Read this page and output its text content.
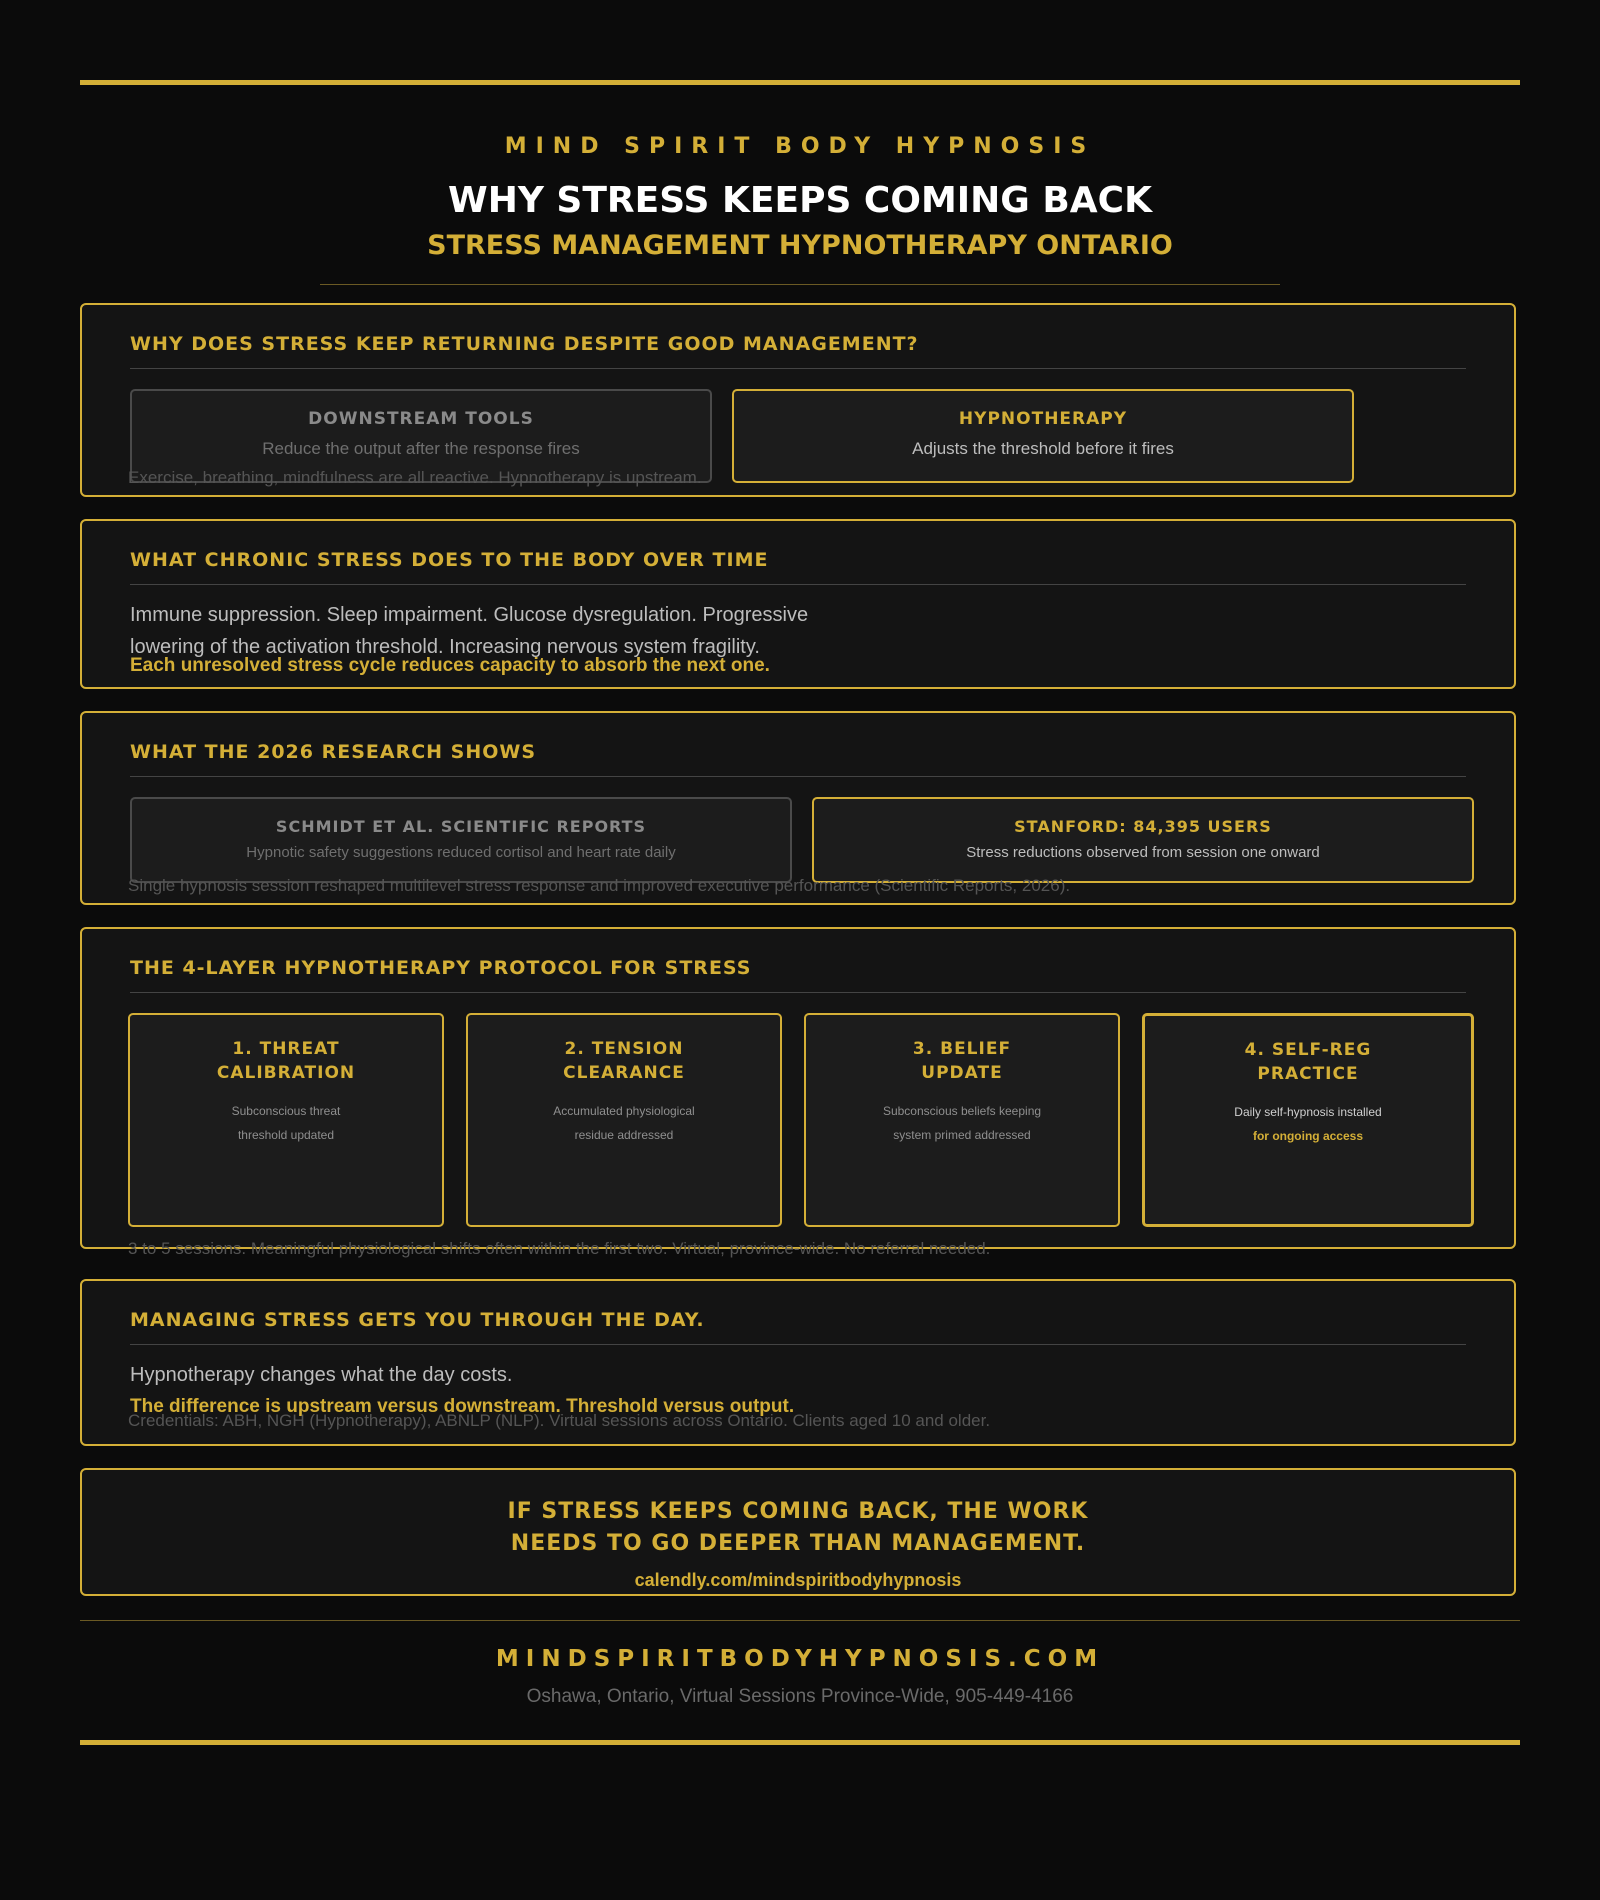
MIND SPIRIT BODY HYPNOSIS
WHY STRESS KEEPS COMING BACK
STRESS MANAGEMENT HYPNOTHERAPY ONTARIO
WHY DOES STRESS KEEP RETURNING DESPITE GOOD MANAGEMENT?
DOWNSTREAM TOOLS
Reduce the output after the response fires
HYPNOTHERAPY
Adjusts the threshold before it fires
Exercise, breathing, mindfulness are all reactive. Hypnotherapy is upstream.
WHAT CHRONIC STRESS DOES TO THE BODY OVER TIME
Immune suppression. Sleep impairment. Glucose dysregulation. Progressive
lowering of the activation threshold. Increasing nervous system fragility.
Each unresolved stress cycle reduces capacity to absorb the next one.
WHAT THE 2026 RESEARCH SHOWS
SCHMIDT ET AL. SCIENTIFIC REPORTS
Hypnotic safety suggestions reduced cortisol and heart rate daily
STANFORD: 84,395 USERS
Stress reductions observed from session one onward
Single hypnosis session reshaped multilevel stress response and improved executive performance (Scientific Reports, 2026).
THE 4-LAYER HYPNOTHERAPY PROTOCOL FOR STRESS
1. THREAT
CALIBRATION
Subconscious threat
threshold updated
2. TENSION
CLEARANCE
Accumulated physiological
residue addressed
3. BELIEF
UPDATE
Subconscious beliefs keeping
system primed addressed
4. SELF-REG
PRACTICE
Daily self-hypnosis installed
for ongoing access
3 to 5 sessions. Meaningful physiological shifts often within the first two. Virtual, province-wide. No referral needed.
MANAGING STRESS GETS YOU THROUGH THE DAY.
Hypnotherapy changes what the day costs.
The difference is upstream versus downstream. Threshold versus output.
Credentials: ABH, NGH (Hypnotherapy), ABNLP (NLP). Virtual sessions across Ontario. Clients aged 10 and older.
IF STRESS KEEPS COMING BACK, THE WORK
NEEDS TO GO DEEPER THAN MANAGEMENT.
calendly.com/mindspiritbodyhypnosis
MINDSPIRITBODYHYPNOSIS.COM
Oshawa, Ontario, Virtual Sessions Province-Wide, 905-449-4166
